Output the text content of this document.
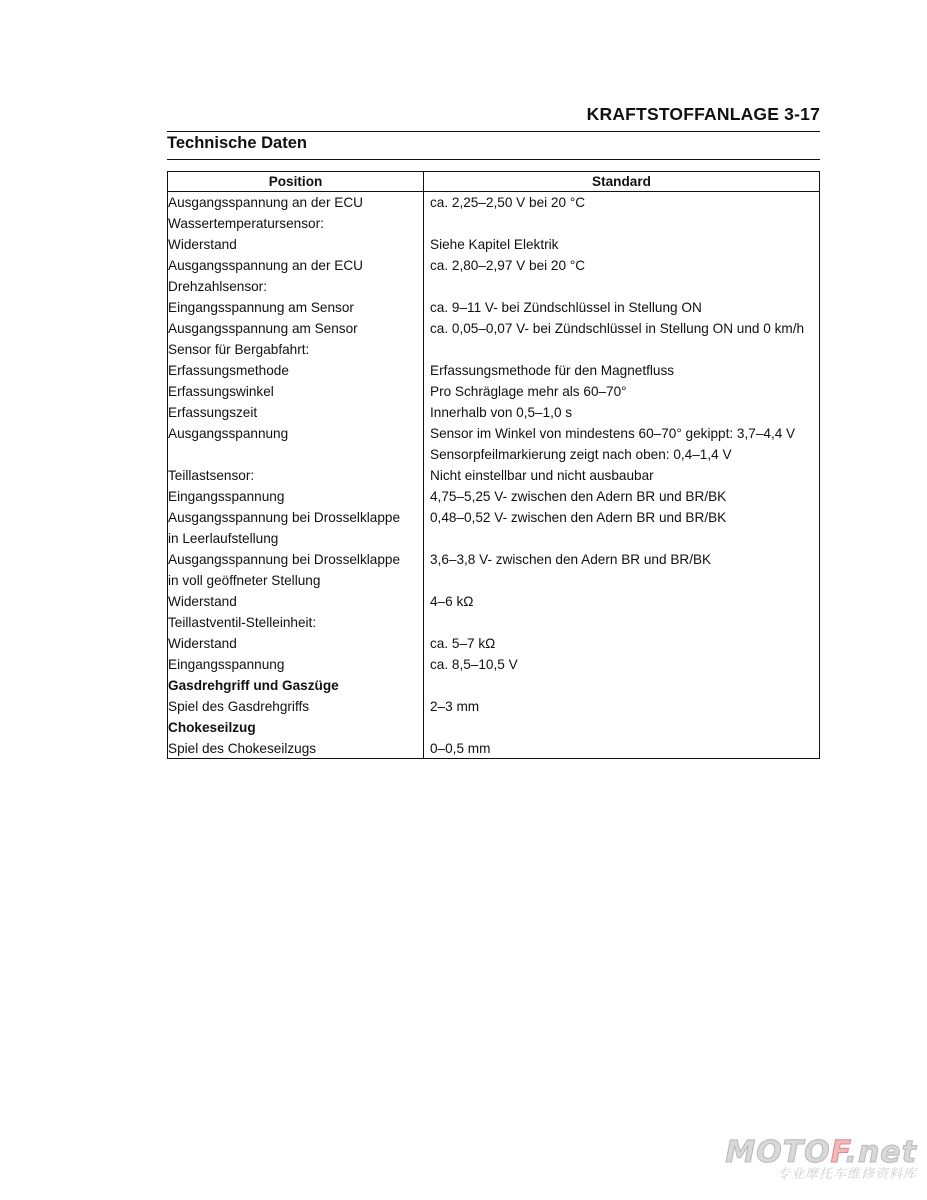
KRAFTSTOFFANLAGE 3-17
Technische Daten
Position	Standard
Ausgangsspannung an der ECU	ca. 2,25–2,50 V bei 20 °C
Wassertemperatursensor:	
Widerstand	Siehe Kapitel Elektrik
Ausgangsspannung an der ECU	ca. 2,80–2,97 V bei 20 °C
Drehzahlsensor:	
Eingangsspannung am Sensor	ca. 9–11 V- bei Zündschlüssel in Stellung ON
Ausgangsspannung am Sensor	ca. 0,05–0,07 V- bei Zündschlüssel in Stellung ON und 0 km/h
Sensor für Bergabfahrt:	
Erfassungsmethode	Erfassungsmethode für den Magnetfluss
Erfassungswinkel	Pro Schräglage mehr als 60–70°
Erfassungszeit	Innerhalb von 0,5–1,0 s
Ausgangsspannung	Sensor im Winkel von mindestens 60–70° gekippt: 3,7–4,4 V
	Sensorpfeilmarkierung zeigt nach oben: 0,4–1,4 V
Teillastsensor:	Nicht einstellbar und nicht ausbaubar
Eingangsspannung	4,75–5,25 V- zwischen den Adern BR und BR/BK
Ausgangsspannung bei Drosselklappe	0,48–0,52 V- zwischen den Adern BR und BR/BK
in Leerlaufstellung	
Ausgangsspannung bei Drosselklappe	3,6–3,8 V- zwischen den Adern BR und BR/BK
in voll geöffneter Stellung	
Widerstand	4–6 kΩ
Teillastventil-Stelleinheit:	
Widerstand	ca. 5–7 kΩ
Eingangsspannung	ca. 8,5–10,5 V
Gasdrehgriff und Gaszüge	
Spiel des Gasdrehgriffs	2–3 mm
Chokeseilzug	
Spiel des Chokeseilzugs	0–0,5 mm
MOTOF.net
专业摩托车维修资料库
